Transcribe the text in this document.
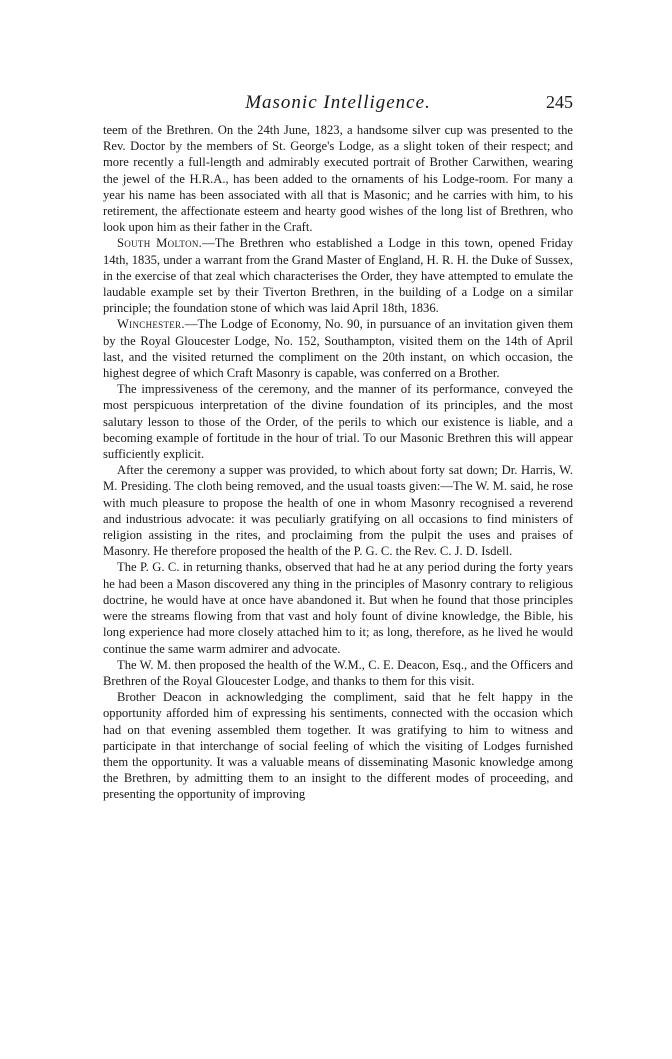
Masonic Intelligence.	245

teem of the Brethren. On the 24th June, 1823, a handsome silver cup was presented to the Rev. Doctor by the members of St. George's Lodge, as a slight token of their respect; and more recently a full-length and admirably executed portrait of Brother Carwithen, wearing the jewel of the H.R.A., has been added to the ornaments of his Lodge-room. For many a year his name has been associated with all that is Masonic; and he carries with him, to his retirement, the affectionate esteem and hearty good wishes of the long list of Brethren, who look upon him as their father in the Craft.

South Molton.—The Brethren who established a Lodge in this town, opened Friday 14th, 1835, under a warrant from the Grand Master of England, H. R. H. the Duke of Sussex, in the exercise of that zeal which characterises the Order, they have attempted to emulate the laudable example set by their Tiverton Brethren, in the building of a Lodge on a similar principle; the foundation stone of which was laid April 18th, 1836.

Winchester.—The Lodge of Economy, No. 90, in pursuance of an invitation given them by the Royal Gloucester Lodge, No. 152, Southampton, visited them on the 14th of April last, and the visited returned the compliment on the 20th instant, on which occasion, the highest degree of which Craft Masonry is capable, was conferred on a Brother.

The impressiveness of the ceremony, and the manner of its performance, conveyed the most perspicuous interpretation of the divine foundation of its principles, and the most salutary lesson to those of the Order, of the perils to which our existence is liable, and a becoming example of fortitude in the hour of trial. To our Masonic Brethren this will appear sufficiently explicit.

After the ceremony a supper was provided, to which about forty sat down; Dr. Harris, W. M. Presiding. The cloth being removed, and the usual toasts given:—The W. M. said, he rose with much pleasure to propose the health of one in whom Masonry recognised a reverend and industrious advocate: it was peculiarly gratifying on all occasions to find ministers of religion assisting in the rites, and proclaiming from the pulpit the uses and praises of Masonry. He therefore proposed the health of the P. G. C. the Rev. C. J. D. Isdell.

The P. G. C. in returning thanks, observed that had he at any period during the forty years he had been a Mason discovered any thing in the principles of Masonry contrary to religious doctrine, he would have at once have abandoned it. But when he found that those principles were the streams flowing from that vast and holy fount of divine knowledge, the Bible, his long experience had more closely attached him to it; as long, therefore, as he lived he would continue the same warm admirer and advocate.

The W. M. then proposed the health of the W.M., C. E. Deacon, Esq., and the Officers and Brethren of the Royal Gloucester Lodge, and thanks to them for this visit.

Brother Deacon in acknowledging the compliment, said that he felt happy in the opportunity afforded him of expressing his sentiments, connected with the occasion which had on that evening assembled them together. It was gratifying to him to witness and participate in that interchange of social feeling of which the visiting of Lodges furnished them the opportunity. It was a valuable means of disseminating Masonic knowledge among the Brethren, by admitting them to an insight to the different modes of proceeding, and presenting the opportunity of improving
